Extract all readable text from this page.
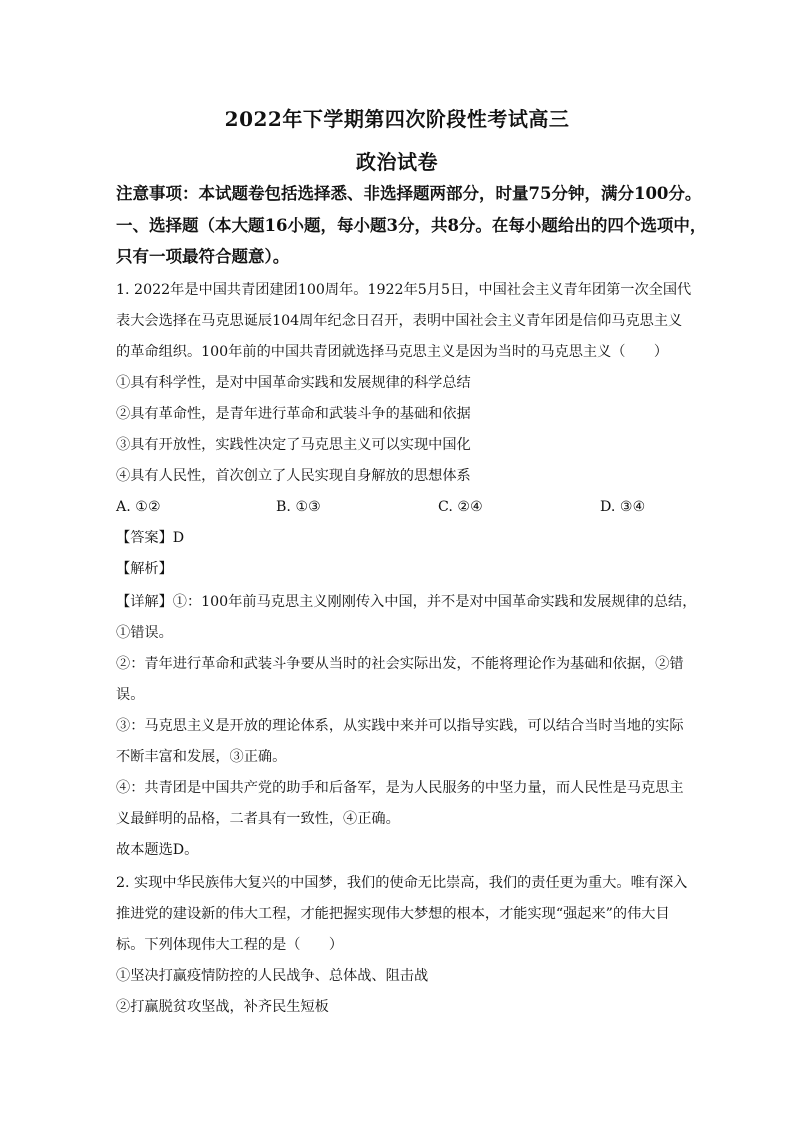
2022年下学期第四次阶段性考试高三
政治试卷
注意事项：本试题卷包括选择悉、非选择题两部分，时量75分钟，满分100分。
一、选择题（本大题16小题，每小题3分，共8分。在每小题给出的四个选项中，
只有一项最符合题意）。
1. 2022年是中国共青团建团100周年。1922年5月5日，中国社会主义青年团第一次全国代
表大会选择在马克思诞辰104周年纪念日召开，表明中国社会主义青年团是信仰马克思主义
的革命组织。100年前的中国共青团就选择马克思主义是因为当时的马克思主义（　　）
①具有科学性，是对中国革命实践和发展规律的科学总结
②具有革命性，是青年进行革命和武装斗争的基础和依据
③具有开放性，实践性决定了马克思主义可以实现中国化
④具有人民性，首次创立了人民实现自身解放的思想体系
A. ①②	B. ①③	C. ②④	D. ③④
【答案】D
【解析】
【详解】①：100年前马克思主义刚刚传入中国，并不是对中国革命实践和发展规律的总结，
①错误。
②：青年进行革命和武装斗争要从当时的社会实际出发，不能将理论作为基础和依据，②错
误。
③：马克思主义是开放的理论体系，从实践中来并可以指导实践，可以结合当时当地的实际
不断丰富和发展，③正确。
④：共青团是中国共产党的助手和后备军，是为人民服务的中坚力量，而人民性是马克思主
义最鲜明的品格，二者具有一致性，④正确。
故本题选D。
2. 实现中华民族伟大复兴的中国梦，我们的使命无比崇高，我们的责任更为重大。唯有深入
推进党的建设新的伟大工程，才能把握实现伟大梦想的根本，才能实现“强起来”的伟大目
标。下列体现伟大工程的是（　　）
①坚决打赢疫情防控的人民战争、总体战、阻击战
②打赢脱贫攻坚战，补齐民生短板
